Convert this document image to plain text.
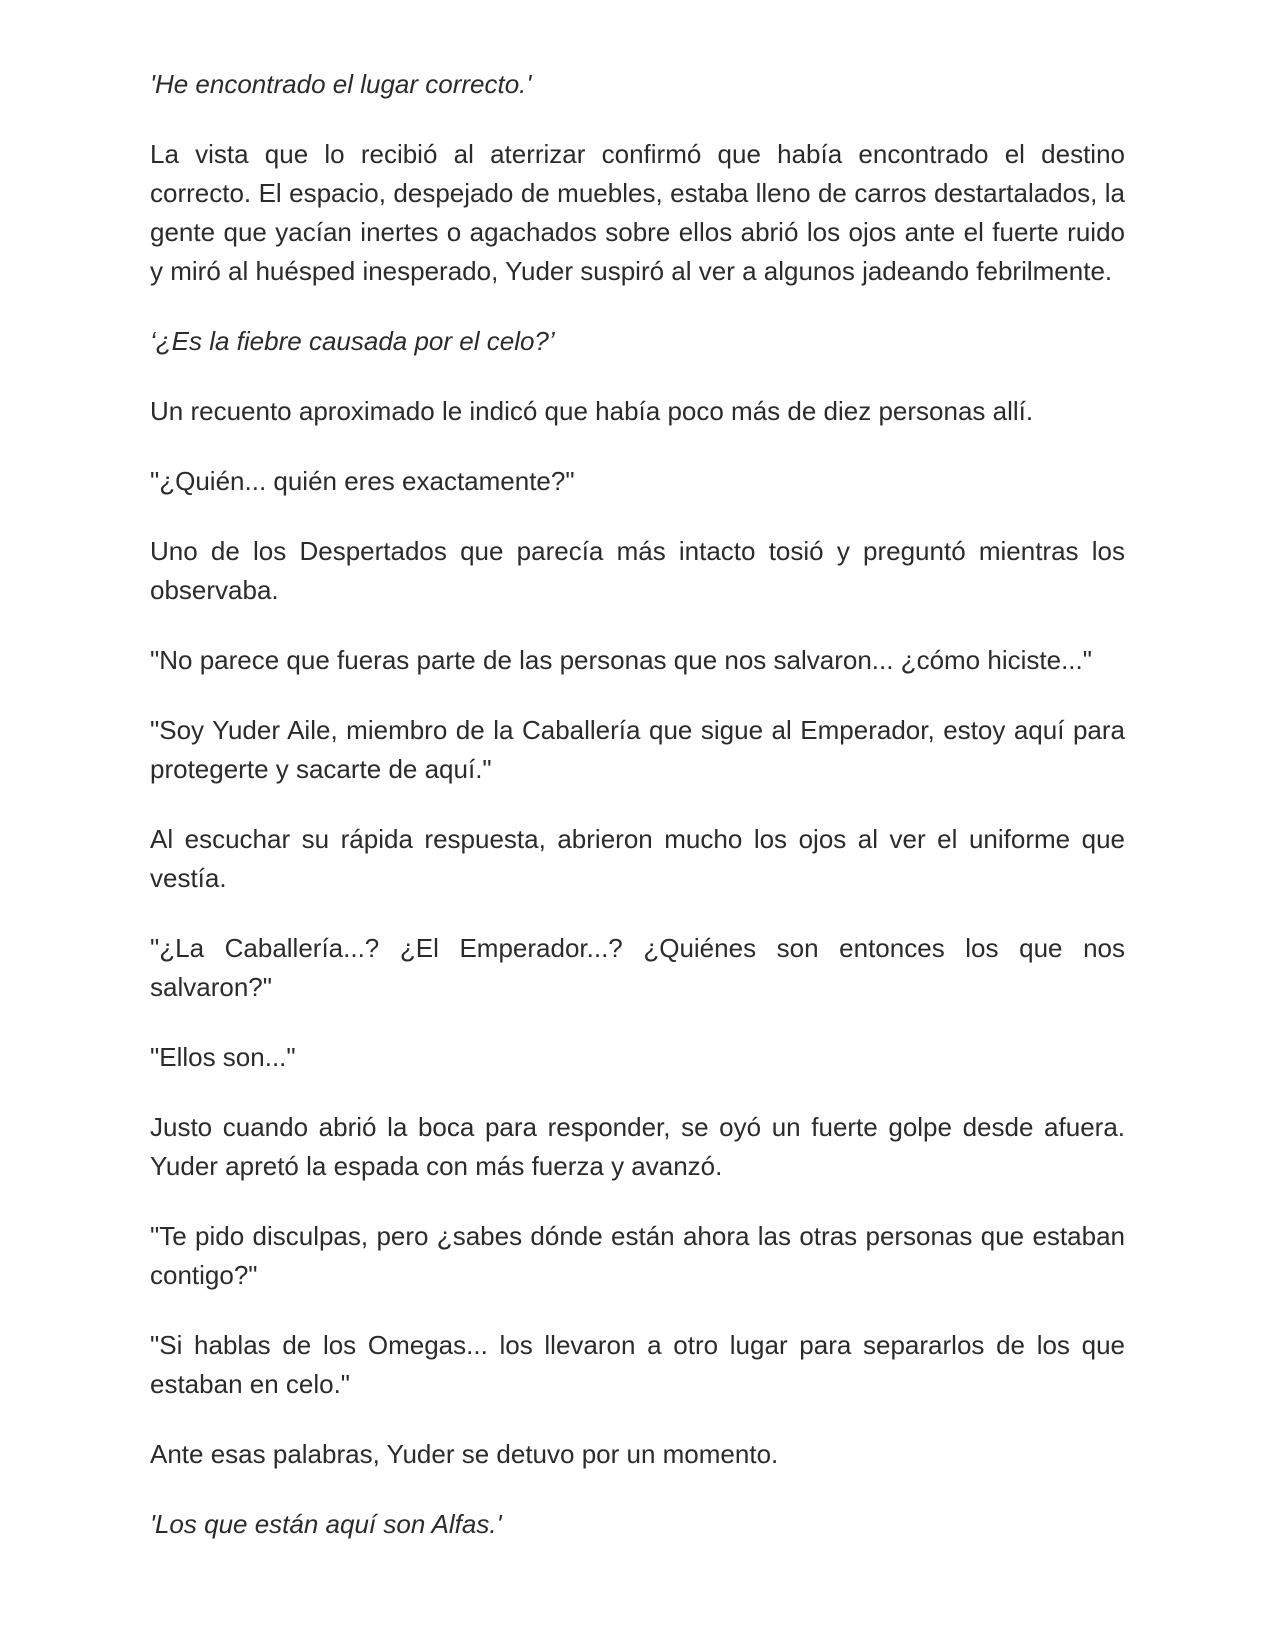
'He encontrado el lugar correcto.'

La vista que lo recibió al aterrizar confirmó que había encontrado el destino correcto. El espacio, despejado de muebles, estaba lleno de carros destartalados, la gente que yacían inertes o agachados sobre ellos abrió los ojos ante el fuerte ruido y miró al huésped inesperado, Yuder suspiró al ver a algunos jadeando febrilmente.

‘¿Es la fiebre causada por el celo?’

Un recuento aproximado le indicó que había poco más de diez personas allí.

"¿Quién... quién eres exactamente?"

Uno de los Despertados que parecía más intacto tosió y preguntó mientras los observaba.

"No parece que fueras parte de las personas que nos salvaron... ¿cómo hiciste..."

"Soy Yuder Aile, miembro de la Caballería que sigue al Emperador, estoy aquí para protegerte y sacarte de aquí."

Al escuchar su rápida respuesta, abrieron mucho los ojos al ver el uniforme que vestía.

"¿La Caballería...? ¿El Emperador...? ¿Quiénes son entonces los que nos salvaron?"

"Ellos son..."

Justo cuando abrió la boca para responder, se oyó un fuerte golpe desde afuera. Yuder apretó la espada con más fuerza y avanzó.

"Te pido disculpas, pero ¿sabes dónde están ahora las otras personas que estaban contigo?"

"Si hablas de los Omegas... los llevaron a otro lugar para separarlos de los que estaban en celo."

Ante esas palabras, Yuder se detuvo por un momento.

'Los que están aquí son Alfas.'
